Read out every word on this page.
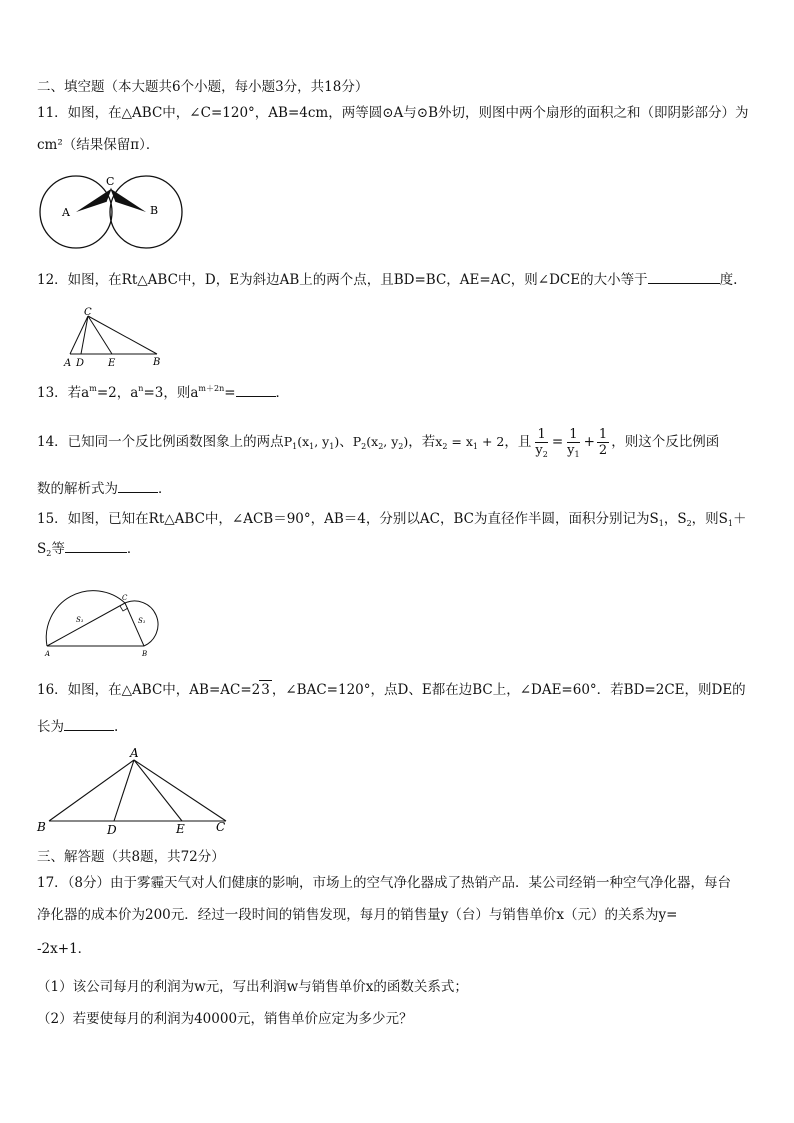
二、填空题（本大题共6个小题，每小题3分，共18分）
11．如图，在△ABC中，∠C=120°，AB=4cm，两等圆⊙A与⊙B外切，则图中两个扇形的面积之和（即阴影部分）为
cm²（结果保留π）．
A	B
C
12．如图，在Rt△ABC中，D，E为斜边AB上的两个点，且BD=BC，AE=AC，则∠DCE的大小等于	度.
A D E	B
C
13．若$a^m=2$，$a^n=3$，则$a^{m+2n}=$	．
14．已知同一个反比例函数图象上的两点$P_1(x_1$, $y_1$)、$P_2(x_2$, $y_2$)，若$x_2 = x_1 + 2$，且 $\frac{1}{y_2} = \frac{1}{y_1} + \frac{1}{2}$ ，则这个反比例函
数的解析式为	．
15．如图，已知在Rt△ABC中，∠ACB＝90°，AB＝4，分别以AC，BC为直径作半圆，面积分别记为$S_1$，$S_2$，则$S_1+$
$S_2$等	．
A	B
C
S₁	S₁
16．如图，在△ABC中，AB=AC=23 ，∠BAC=120°，点D、E都在边BC上，∠DAE=60°．若BD=2CE，则DE的
长为	.
B	D	E	C
A
三、解答题（共8题，共72分）
17．（8分）由于雾霾天气对人们健康的影响，市场上的空气净化器成了热销产品．某公司经销一种空气净化器，每台
净化器的成本价为200元．经过一段时间的销售发现，每月的销售量y（台）与销售单价x（元）的关系为y=
-2x+1．
（1）该公司每月的利润为w元，写出利润w与销售单价x的函数关系式；
（2）若要使每月的利润为40000元，销售单价应定为多少元？
